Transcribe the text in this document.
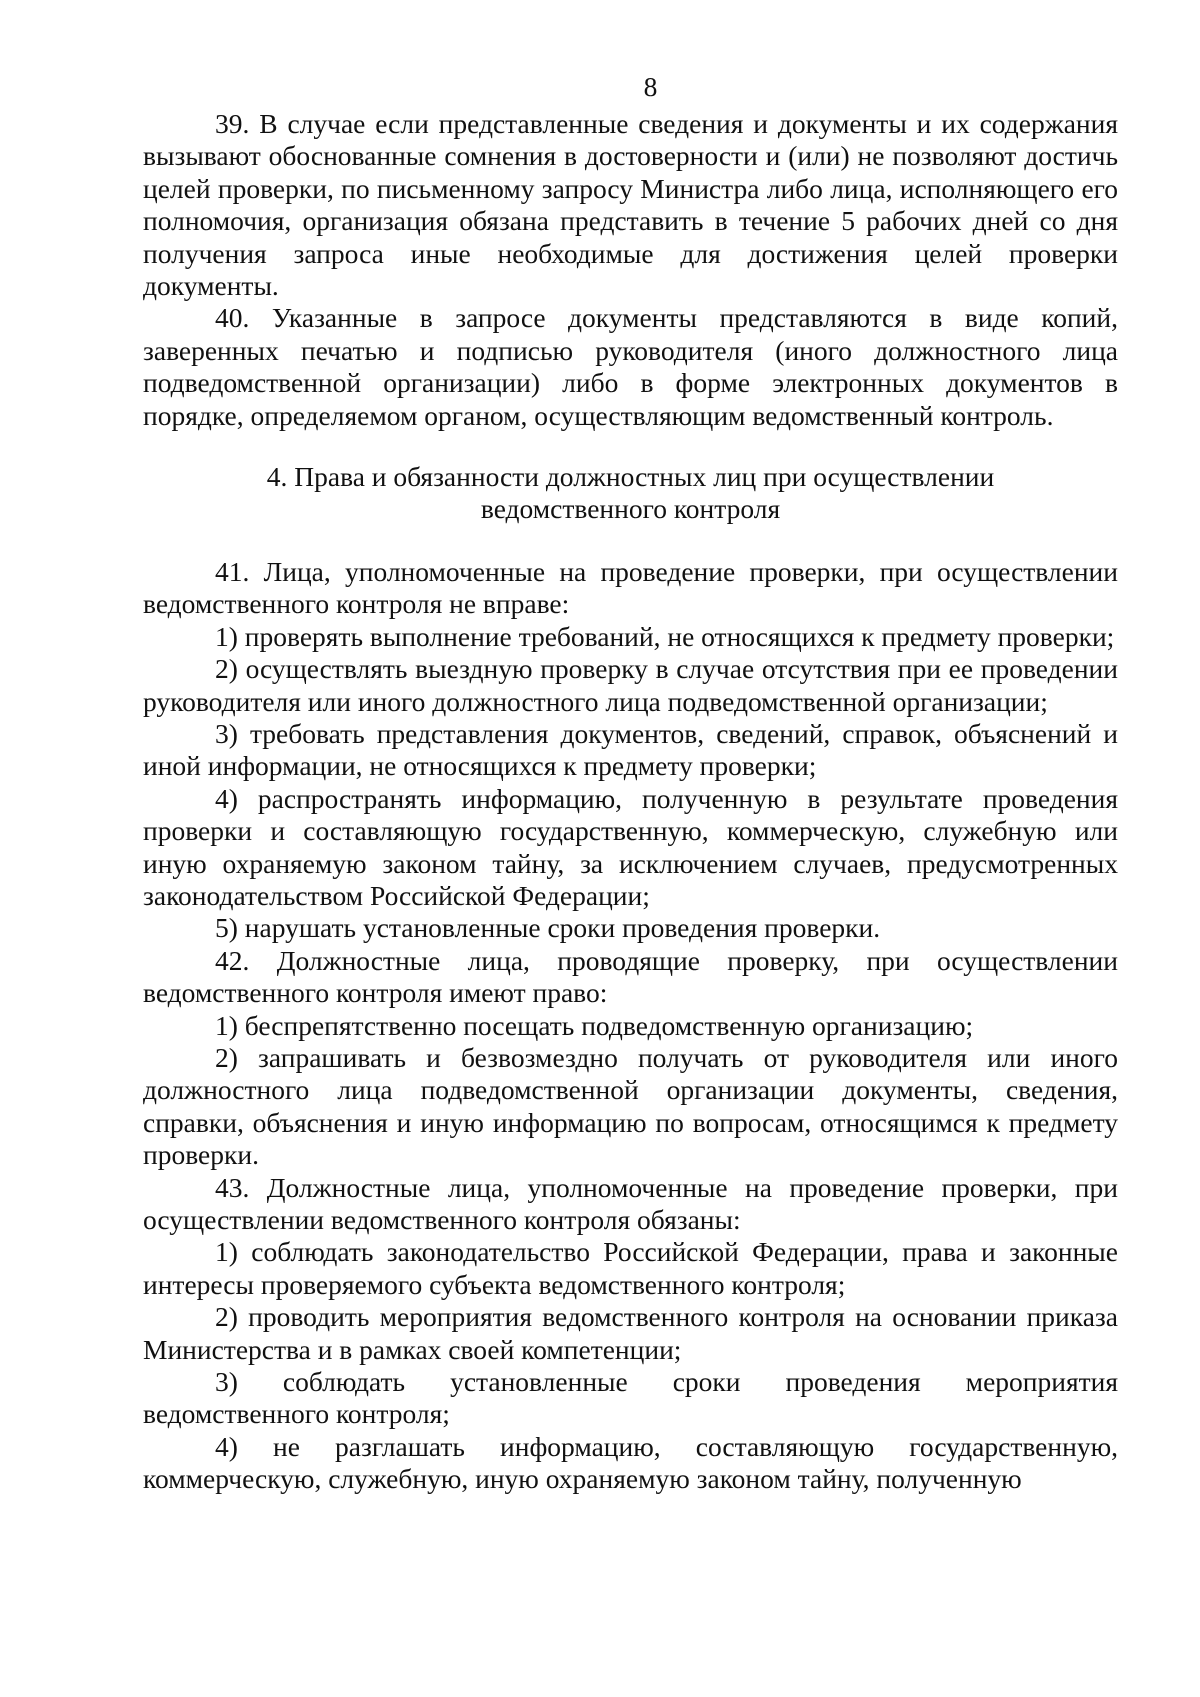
8

39. В случае если представленные сведения и документы и их содержания вызывают обоснованные сомнения в достоверности и (или) не позволяют достичь целей проверки, по письменному запросу Министра либо лица, исполняющего его полномочия, организация обязана представить в течение 5 рабочих дней со дня получения запроса иные необходимые для достижения целей проверки документы.

40. Указанные в запросе документы представляются в виде копий, заверенных печатью и подписью руководителя (иного должностного лица подведомственной организации) либо в форме электронных документов в порядке, определяемом органом, осуществляющим ведомственный контроль.

4. Права и обязанности должностных лиц при осуществлении
ведомственного контроля

41. Лица, уполномоченные на проведение проверки, при осуществлении ведомственного контроля не вправе:

1) проверять выполнение требований, не относящихся к предмету проверки;

2) осуществлять выездную проверку в случае отсутствия при ее проведении руководителя или иного должностного лица подведомственной организации;

3) требовать представления документов, сведений, справок, объяснений и иной информации, не относящихся к предмету проверки;

4) распространять информацию, полученную в результате проведения проверки и составляющую государственную, коммерческую, служебную или иную охраняемую законом тайну, за исключением случаев, предусмотренных законодательством Российской Федерации;

5) нарушать установленные сроки проведения проверки.

42. Должностные лица, проводящие проверку, при осуществлении ведомственного контроля имеют право:

1) беспрепятственно посещать подведомственную организацию;

2) запрашивать и безвозмездно получать от руководителя или иного должностного лица подведомственной организации документы, сведения, справки, объяснения и иную информацию по вопросам, относящимся к предмету проверки.

43. Должностные лица, уполномоченные на проведение проверки, при осуществлении ведомственного контроля обязаны:

1) соблюдать законодательство Российской Федерации, права и законные интересы проверяемого субъекта ведомственного контроля;

2) проводить мероприятия ведомственного контроля на основании приказа Министерства и в рамках своей компетенции;

3) соблюдать установленные сроки проведения мероприятия ведомственного контроля;

4) не разглашать информацию, составляющую государственную, коммерческую, служебную, иную охраняемую законом тайну, полученную
